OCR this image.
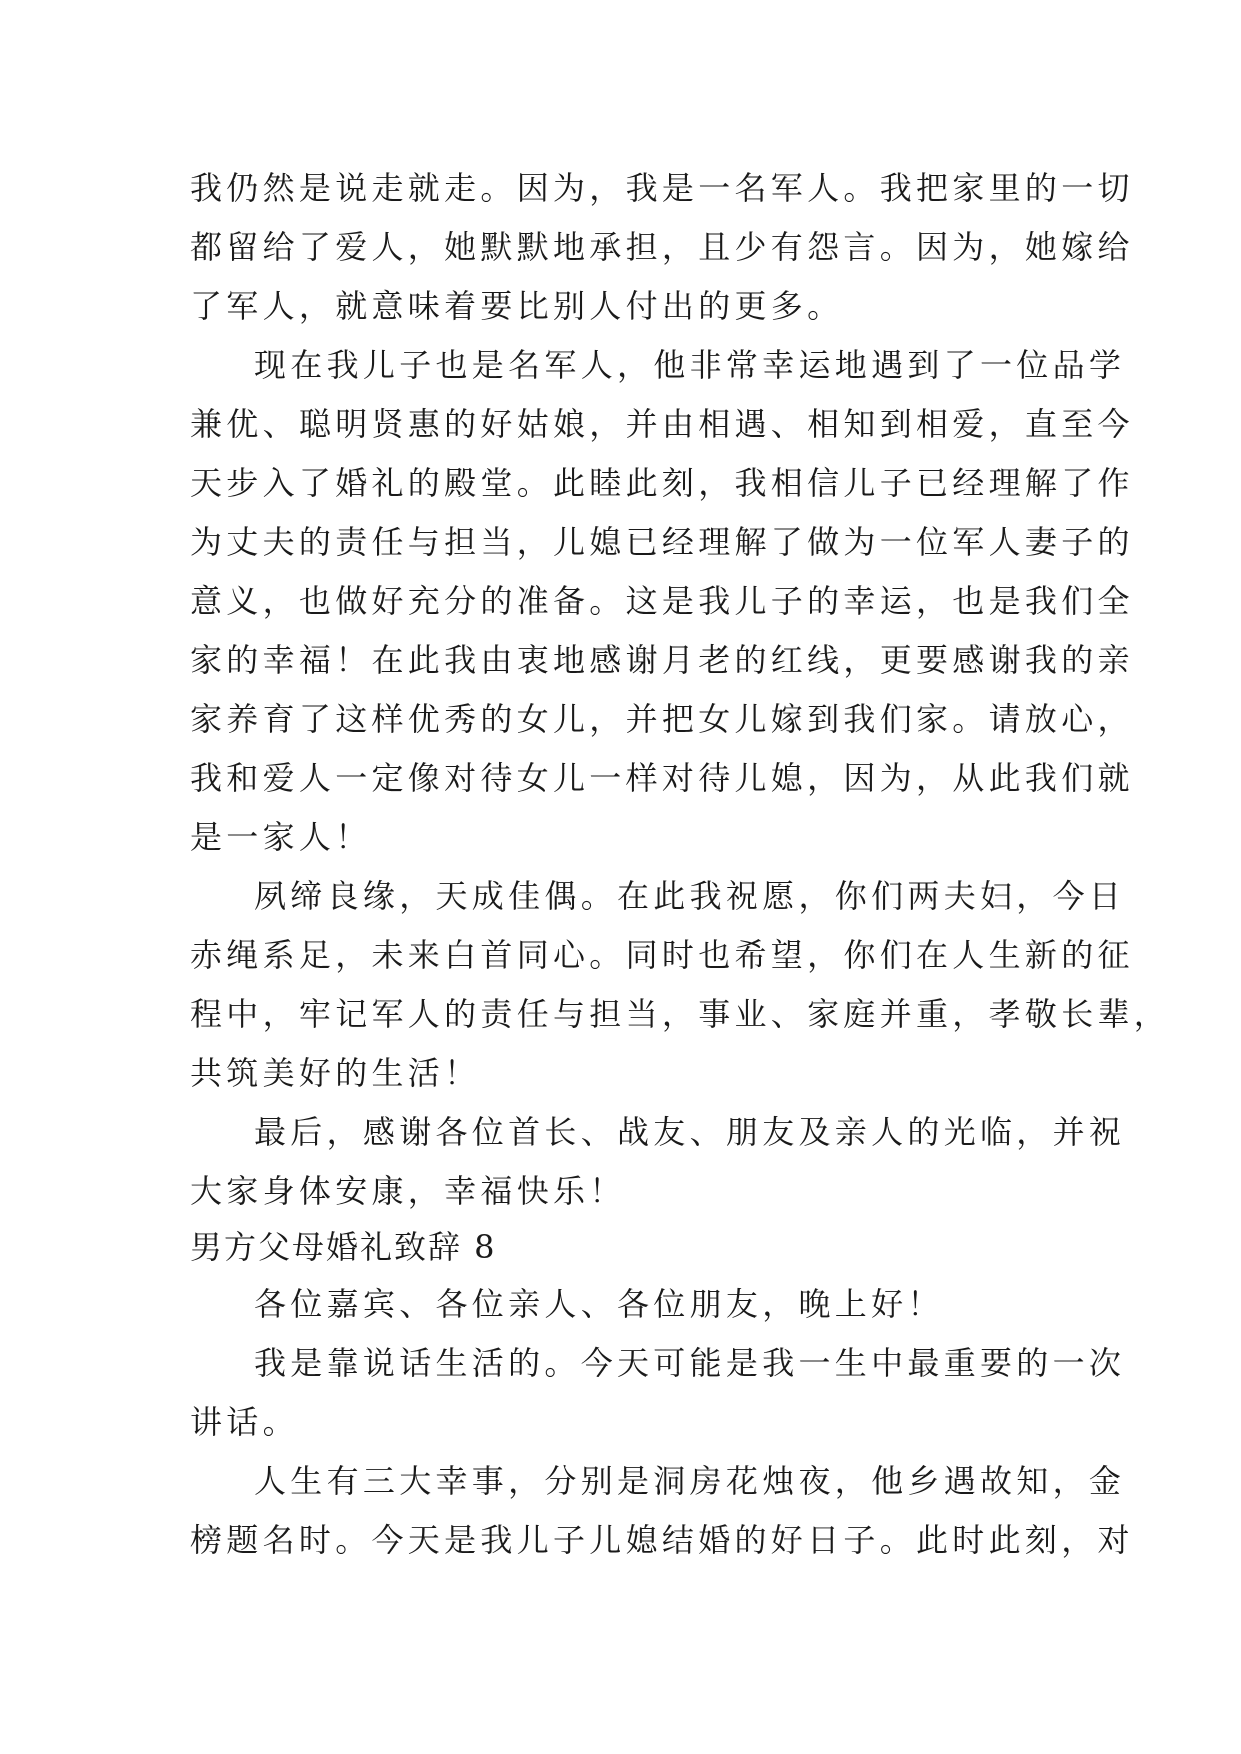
我仍然是说走就走。因为，我是一名军人。我把家里的一切
都留给了爱人，她默默地承担，且少有怨言。因为，她嫁给
了军人，就意味着要比别人付出的更多。
现在我儿子也是名军人，他非常幸运地遇到了一位品学
兼优、聪明贤惠的好姑娘，并由相遇、相知到相爱，直至今
天步入了婚礼的殿堂。此睦此刻，我相信儿子已经理解了作
为丈夫的责任与担当，儿媳已经理解了做为一位军人妻子的
意义，也做好充分的准备。这是我儿子的幸运，也是我们全
家的幸福！在此我由衷地感谢月老的红线，更要感谢我的亲
家养育了这样优秀的女儿，并把女儿嫁到我们家。请放心，
我和爱人一定像对待女儿一样对待儿媳，因为，从此我们就
是一家人！
夙缔良缘，天成佳偶。在此我祝愿，你们两夫妇，今日
赤绳系足，未来白首同心。同时也希望，你们在人生新的征
程中，牢记军人的责任与担当，事业、家庭并重，孝敬长辈，
共筑美好的生活！
最后，感谢各位首长、战友、朋友及亲人的光临，并祝
大家身体安康，幸福快乐！
男方父母婚礼致辞 8
各位嘉宾、各位亲人、各位朋友，晚上好！
我是靠说话生活的。今天可能是我一生中最重要的一次
讲话。
人生有三大幸事，分别是洞房花烛夜，他乡遇故知，金
榜题名时。今天是我儿子儿媳结婚的好日子。此时此刻，对
